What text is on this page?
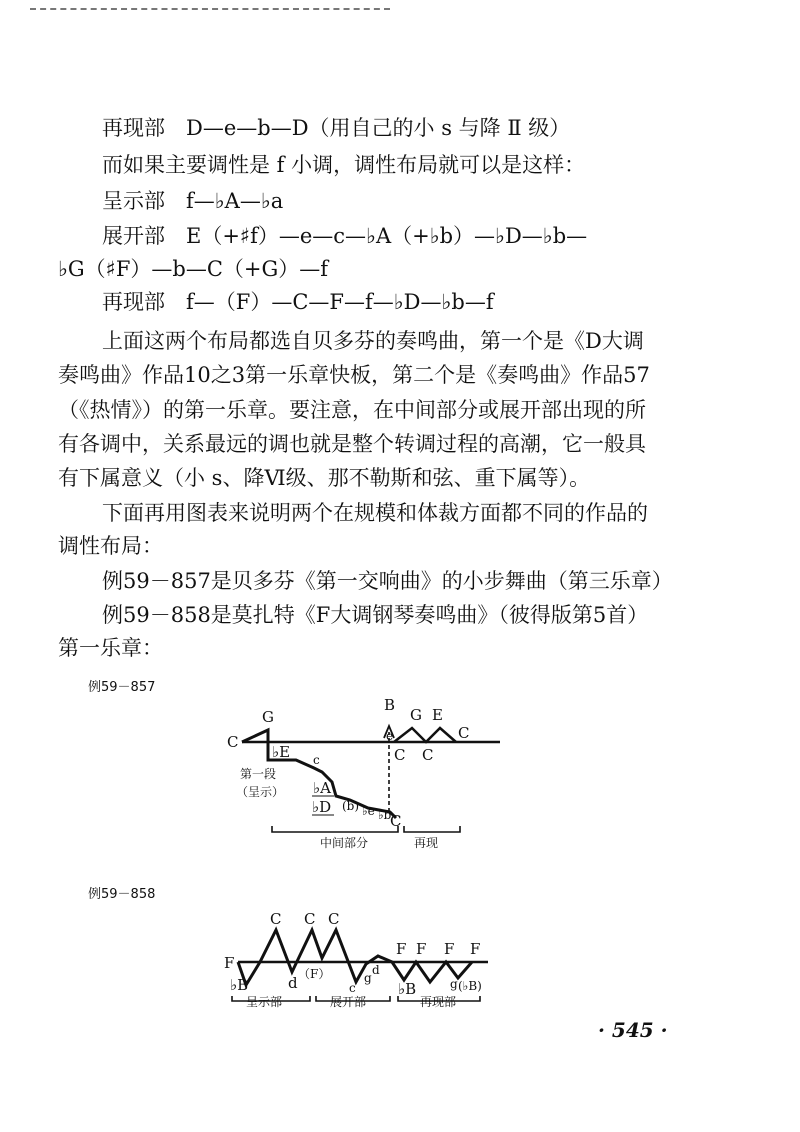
再现部　D—e—b—D（用自己的小 s 与降 Ⅱ 级）
而如果主要调性是 f 小调，调性布局就可以是这样：
呈示部　f—♭A—♭a
展开部　E（+♯f）—e—c—♭A（+♭b）—♭D—♭b—
♭G（♯F）—b—C（+G）—f
再现部　f—（F）—C—F—f—♭D—♭b—f
上面这两个布局都选自贝多芬的奏鸣曲，第一个是《D大调
奏鸣曲》作品10之3第一乐章快板，第二个是《奏鸣曲》作品57
（《热情》）的第一乐章。要注意，在中间部分或展开部出现的所
有各调中，关系最远的调也就是整个转调过程的高潮，它一般具
有下属意义（小 s、降Ⅵ级、那不勒斯和弦、重下属等）。
下面再用图表来说明两个在规模和体裁方面都不同的作品的
调性布局：
例59－857是贝多芬《第一交响曲》的小步舞曲（第三乐章）
例59－858是莫扎特《F大调钢琴奏鸣曲》（彼得版第5首）
第一乐章：
例59－857
C
G
B
G E
C
e
C C
♭E c
♭A
♭D (b) ♭e ♭b
C
第一段
（呈示）
中间部分	再现
例59－858
F
♭B
C C C
d （F）
c
g
d
F F F F
♭B	g (♭B)
呈示部	展开部	再现部
· 545 ·
